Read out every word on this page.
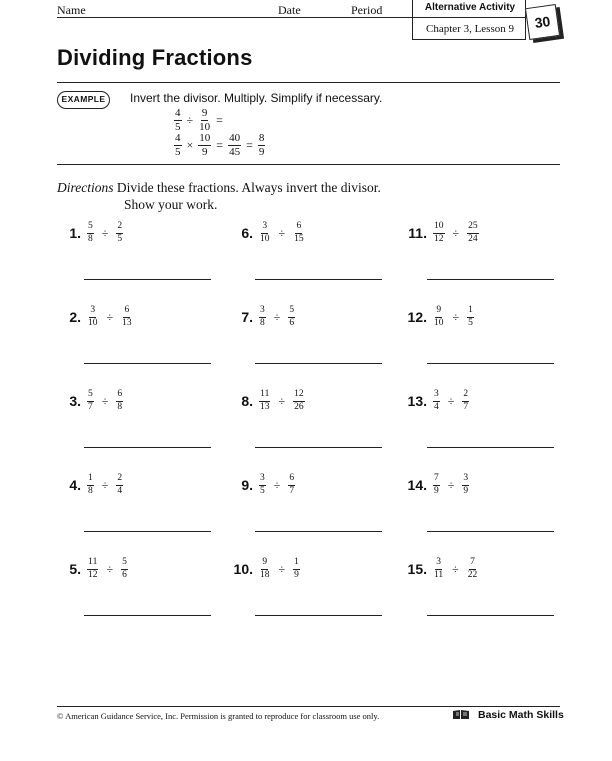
Name	Date	Period	Alternative Activity
Chapter 3, Lesson 9	30
Dividing Fractions
EXAMPLE	Invert the divisor. Multiply. Simplify if necessary.
$\frac{4}{5} \div \frac{9}{10}$ =
$\frac{4}{5} \times \frac{10}{9} = \frac{40}{45} = \frac{8}{9}$
Directions Divide these fractions. Always invert the divisor.
Show your work.
1. $\frac{5}{8} \div \frac{2}{5}$
2. $\frac{3}{10} \div \frac{6}{13}$
3. $\frac{5}{7} \div \frac{6}{8}$
4. $\frac{1}{8} \div \frac{2}{4}$
5. $\frac{11}{12} \div \frac{5}{6}$
6. $\frac{3}{10} \div \frac{6}{15}$
7. $\frac{3}{8} \div \frac{5}{6}$
8. $\frac{11}{13} \div \frac{12}{26}$
9. $\frac{3}{5} \div \frac{6}{7}$
10. $\frac{9}{18} \div \frac{1}{9}$
11. $\frac{10}{12} \div \frac{25}{24}$
12. $\frac{9}{10} \div \frac{1}{5}$
13. $\frac{3}{4} \div \frac{2}{7}$
14. $\frac{7}{9} \div \frac{3}{9}$
15. $\frac{3}{11} \div \frac{7}{22}$
© American Guidance Service, Inc. Permission is granted to reproduce for classroom use only.	Basic Math Skills
